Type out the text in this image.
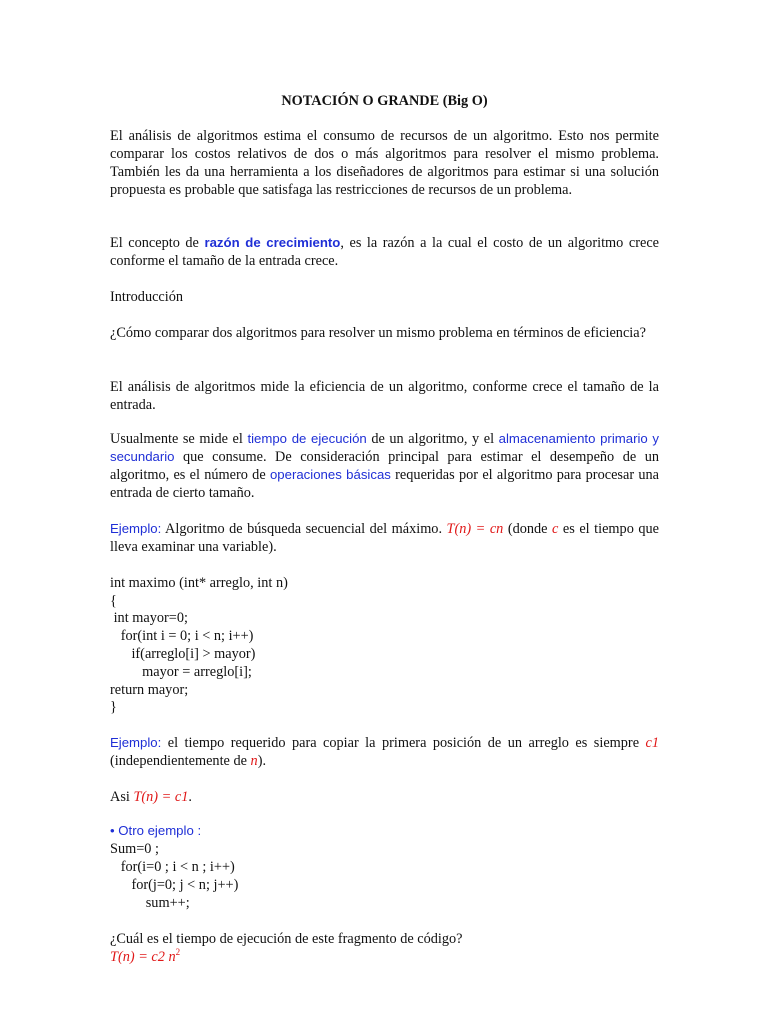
NOTACIÓN O GRANDE (Big O)

El análisis de algoritmos estima el consumo de recursos de un algoritmo. Esto nos permite comparar los costos relativos de dos o más algoritmos para resolver el mismo problema. También les da una herramienta a los diseñadores de algoritmos para estimar si una solución propuesta es probable que satisfaga las restricciones de recursos de un problema.

El concepto de razón de crecimiento, es la razón a la cual el costo de un algoritmo crece conforme el tamaño de la entrada crece.

Introducción

¿Cómo comparar dos algoritmos para resolver un mismo problema en términos de eficiencia?

El análisis de algoritmos mide la eficiencia de un algoritmo, conforme crece el tamaño de la entrada.

Usualmente se mide el tiempo de ejecución de un algoritmo, y el almacenamiento primario y secundario que consume. De consideración principal para estimar el desempeño de un algoritmo, es el número de operaciones básicas requeridas por el algoritmo para procesar una entrada de cierto tamaño.

Ejemplo: Algoritmo de búsqueda secuencial del máximo. T(n) = cn (donde c es el tiempo que lleva examinar una variable).

int maximo (int* arreglo, int n)

{

int mayor=0;

for(int i = 0; i < n; i++)

if(arreglo[i] > mayor)

mayor = arreglo[i];

return mayor;

}

Ejemplo: el tiempo requerido para copiar la primera posición de un arreglo es siempre c1 (independientemente de n).

Asi T(n) = c1.

• Otro ejemplo :

Sum=0 ;

for(i=0 ; i < n ; i++)

for(j=0; j < n; j++)

sum++;

¿Cuál es el tiempo de ejecución de este fragmento de código?

T(n) = c2 $n^2$
